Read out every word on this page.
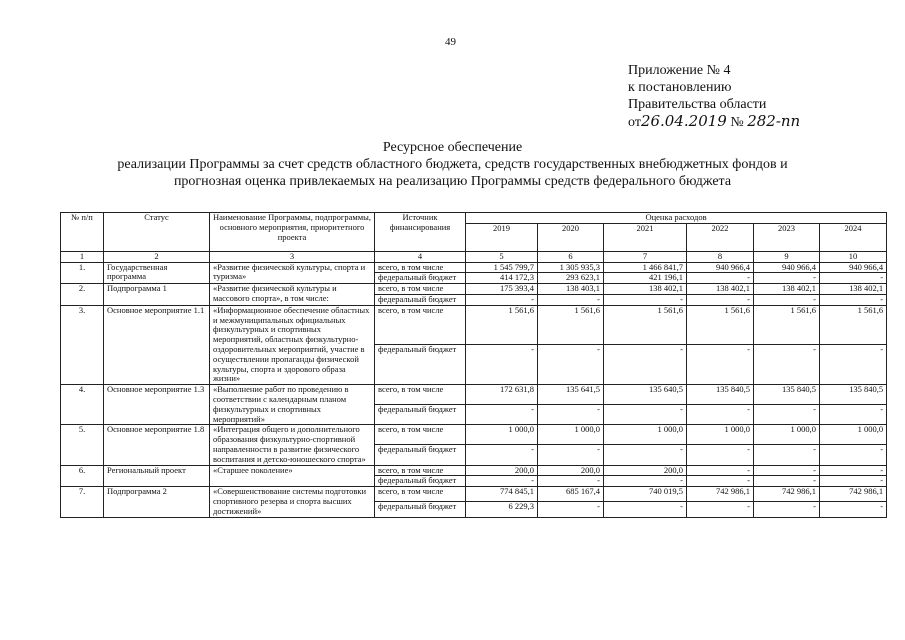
49
Приложение № 4
к постановлению
Правительства области
от26.04.2019 № 282-пп
Ресурсное обеспечение
реализации Программы за счет средств областного бюджета, средств государственных внебюджетных фондов и
прогнозная оценка привлекаемых на реализацию Программы средств федерального бюджета
№ п/п	Статус	Наименование Программы, подпрограммы, основного мероприятия, приоритетного проекта	Источник финансирования	Оценка расходов					
				2019	2020	2021	2022	2023	2024
1	2	3	4	5	6	7	8	9	10
1.	Государственная программа	«Развитие физической культуры, спорта и туризма»	всего, в том числе	1 545 799,7	1 305 935,3	1 466 841,7	940 966,4	940 966,4	940 966,4
			федеральный бюджет	414 172,3	293 623,1	421 196,1	-	-	-
2.	Подпрограмма 1	«Развитие физической культуры и массового спорта», в том числе:	всего, в том числе	175 393,4	138 403,1	138 402,1	138 402,1	138 402,1	138 402,1
			федеральный бюджет	-	-	-	-	-	-
3.	Основное мероприятие 1.1	«Информационное обеспечение областных и межмуниципальных официальных физкультурных и спортивных мероприятий, областных физкультурно-оздоровительных мероприятий, участие в осуществлении пропаганды физической культуры, спорта и здорового образа жизни»	всего, в том числе	1 561,6	1 561,6	1 561,6	1 561,6	1 561,6	1 561,6
			федеральный бюджет	-	-	-	-	-	-
4.	Основное мероприятие 1.3	«Выполнение работ по проведению в соответствии с календарным планом физкультурных и спортивных мероприятий»	всего, в том числе	172 631,8	135 641,5	135 640,5	135 840,5	135 840,5	135 840,5
			федеральный бюджет	-	-	-	-	-	-
5.	Основное мероприятие 1.8	«Интеграция общего и дополнительного образования физкультурно-спортивной направленности в развитие физического воспитания и детско-юношеского спорта»	всего, в том числе	1 000,0	1 000,0	1 000,0	1 000,0	1 000,0	1 000,0
			федеральный бюджет	-	-	-	-	-	-
6.	Региональный проект	«Старшее поколение»	всего, в том числе	200,0	200,0	200,0	-	-	-
			федеральный бюджет	-	-	-	-	-	-
7.	Подпрограмма 2	«Совершенствование системы подготовки спортивного резерва и спорта высших достижений»	всего, в том числе	774 845,1	685 167,4	740 019,5	742 986,1	742 986,1	742 986,1
			федеральный бюджет	6 229,3	-	-	-	-	-
